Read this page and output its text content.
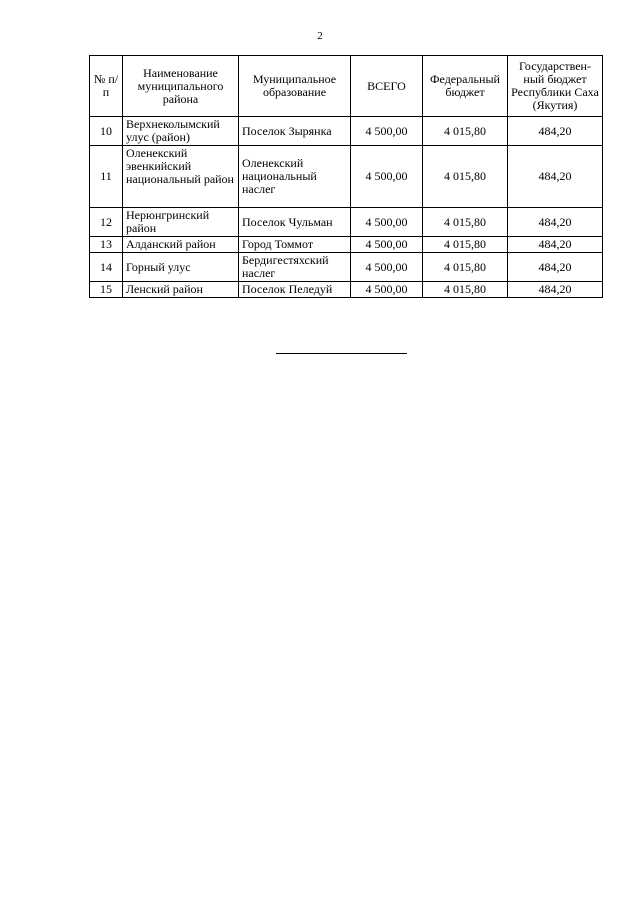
2
№ п/п	Наименование муниципального района	Муниципальное образование	ВСЕГО	Федеральный бюджет	Государствен-ный бюджет Республики Саха (Якутия)
10	Верхнеколымский улус (район)	Поселок Зырянка	4 500,00	4 015,80	484,20
11	Оленекский эвенкийский национальный район	Оленекский национальный наслег	4 500,00	4 015,80	484,20
12	Нерюнгринский район	Поселок Чульман	4 500,00	4 015,80	484,20
13	Алданский район	Город Томмот	4 500,00	4 015,80	484,20
14	Горный улус	Бердигестяхский наслег	4 500,00	4 015,80	484,20
15	Ленский район	Поселок Пеледуй	4 500,00	4 015,80	484,20
